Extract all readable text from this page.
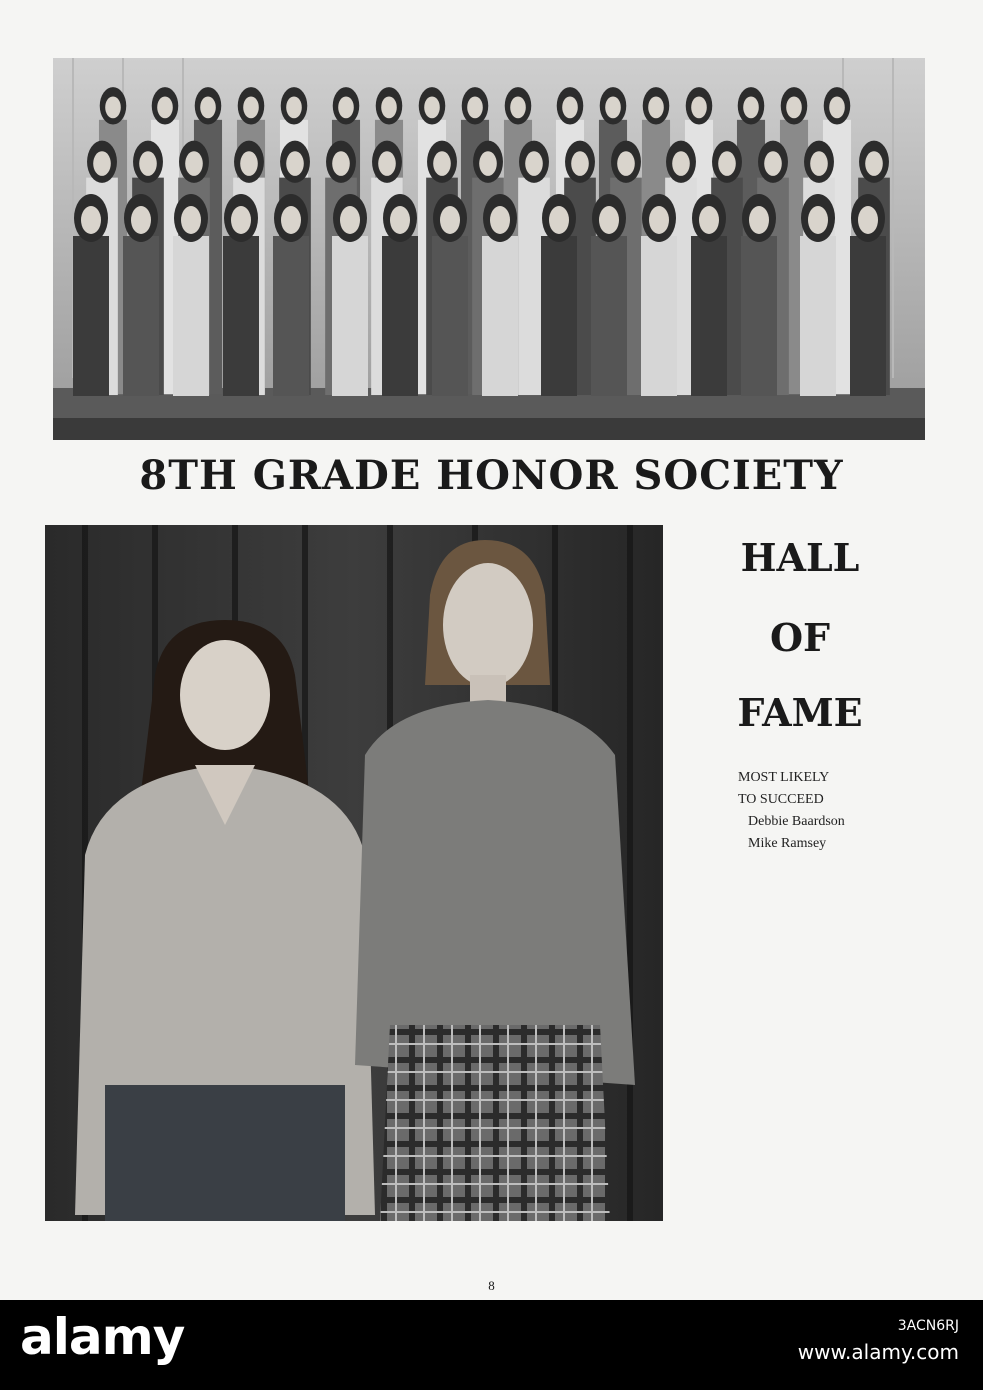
8TH GRADE HONOR SOCIETY
HALL
OF
FAME
MOST LIKELY
TO SUCCEED
Debbie Baardson
Mike Ramsey
8
alamy	3ACN6RJ
www.alamy.com
